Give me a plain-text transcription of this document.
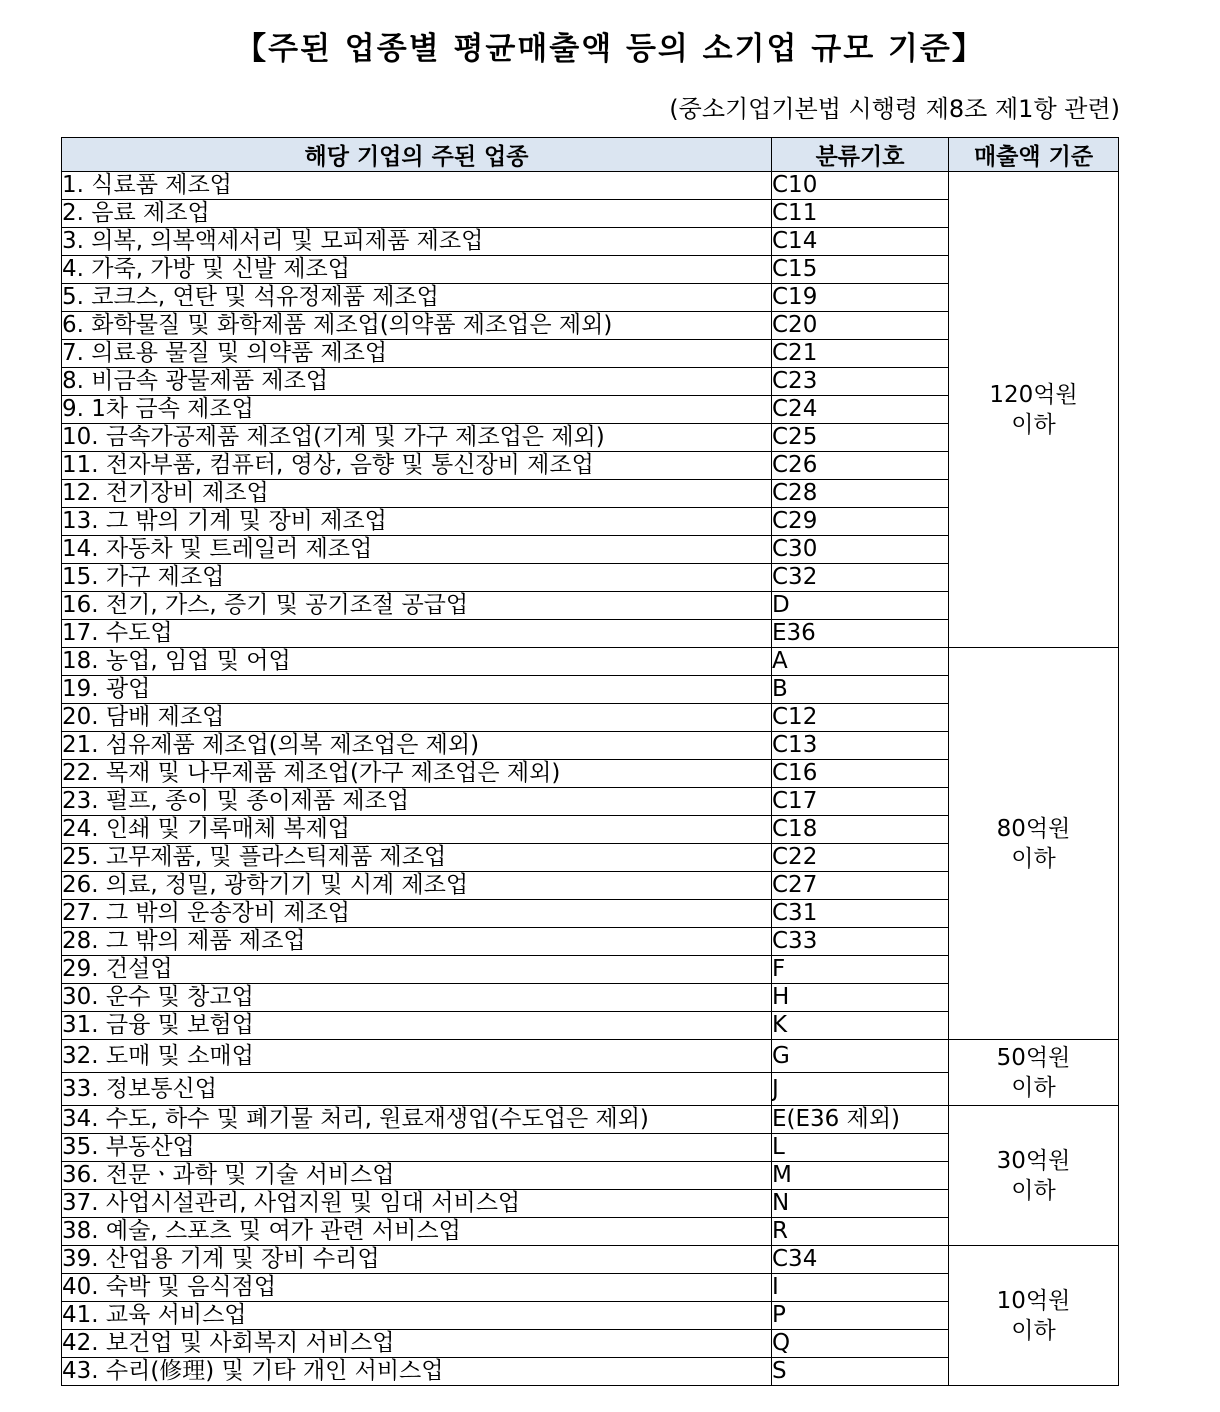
【주된 업종별 평균매출액 등의 소기업 규모 기준】
(중소기업기본법 시행령 제8조 제1항 관련)
해당 기업의 주된 업종	분류기호	매출액 기준
1. 식료품 제조업	C10	120억원
이하
2. 음료 제조업	C11	
3. 의복, 의복액세서리 및 모피제품 제조업	C14	
4. 가죽, 가방 및 신발 제조업	C15	
5. 코크스, 연탄 및 석유정제품 제조업	C19	
6. 화학물질 및 화학제품 제조업(의약품 제조업은 제외)	C20	
7. 의료용 물질 및 의약품 제조업	C21	
8. 비금속 광물제품 제조업	C23	
9. 1차 금속 제조업	C24	
10. 금속가공제품 제조업(기계 및 가구 제조업은 제외)	C25	
11. 전자부품, 컴퓨터, 영상, 음향 및 통신장비 제조업	C26	
12. 전기장비 제조업	C28	
13. 그 밖의 기계 및 장비 제조업	C29	
14. 자동차 및 트레일러 제조업	C30	
15. 가구 제조업	C32	
16. 전기, 가스, 증기 및 공기조절 공급업	D	
17. 수도업	E36	
18. 농업, 임업 및 어업	A	80억원
이하
19. 광업	B	
20. 담배 제조업	C12	
21. 섬유제품 제조업(의복 제조업은 제외)	C13	
22. 목재 및 나무제품 제조업(가구 제조업은 제외)	C16	
23. 펄프, 종이 및 종이제품 제조업	C17	
24. 인쇄 및 기록매체 복제업	C18	
25. 고무제품, 및 플라스틱제품 제조업	C22	
26. 의료, 정밀, 광학기기 및 시계 제조업	C27	
27. 그 밖의 운송장비 제조업	C31	
28. 그 밖의 제품 제조업	C33	
29. 건설업	F	
30. 운수 및 창고업	H	
31. 금융 및 보험업	K	
32. 도매 및 소매업	G	50억원
이하
33. 정보통신업	J	
34. 수도, 하수 및 폐기물 처리, 원료재생업(수도업은 제외)	E(E36 제외)	30억원
이하
35. 부동산업	L	
36. 전문ㆍ과학 및 기술 서비스업	M	
37. 사업시설관리, 사업지원 및 임대 서비스업	N	
38. 예술, 스포츠 및 여가 관련 서비스업	R	
39. 산업용 기계 및 장비 수리업	C34	10억원
이하
40. 숙박 및 음식점업	I	
41. 교육 서비스업	P	
42. 보건업 및 사회복지 서비스업	Q	
43. 수리(修理) 및 기타 개인 서비스업	S	
